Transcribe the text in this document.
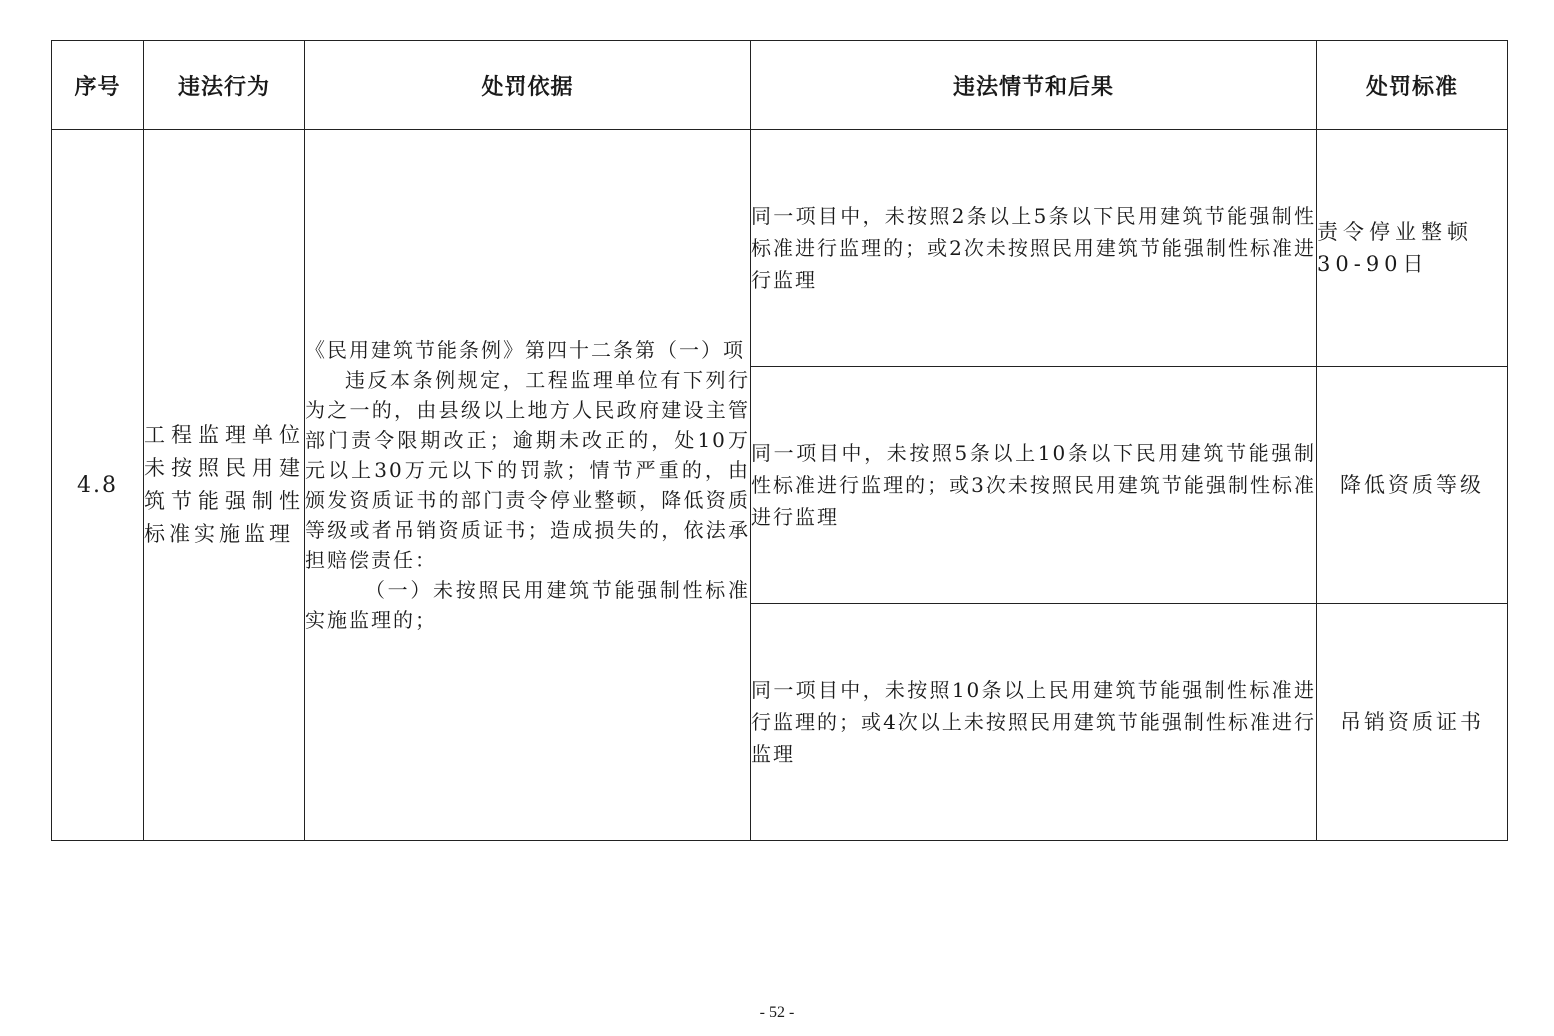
序号	违法行为	处罚依据	违法情节和后果	处罚标准
4.8	工程监理单位未按照民用建筑节能强制性标准实施监理	《民用建筑节能条例》第四十二条第（一）项

违反本条例规定，工程监理单位有下列行为之一的，由县级以上地方人民政府建设主管部门责令限期改正；逾期未改正的，处10万元以上30万元以下的罚款；情节严重的，由颁发资质证书的部门责令停业整顿，降低资质等级或者吊销资质证书；造成损失的，依法承担赔偿责任：

（一）未按照民用建筑节能强制性标准实施监理的；	同一项目中，未按照2条以上5条以下民用建筑节能强制性标准进行监理的；或2次未按照民用建筑节能强制性标准进行监理	责令停业整顿30-90日
			同一项目中，未按照5条以上10条以下民用建筑节能强制性标准进行监理的；或3次未按照民用建筑节能强制性标准进行监理	降低资质等级
			同一项目中，未按照10条以上民用建筑节能强制性标准进行监理的；或4次以上未按照民用建筑节能强制性标准进行监理	吊销资质证书
- 52 -
